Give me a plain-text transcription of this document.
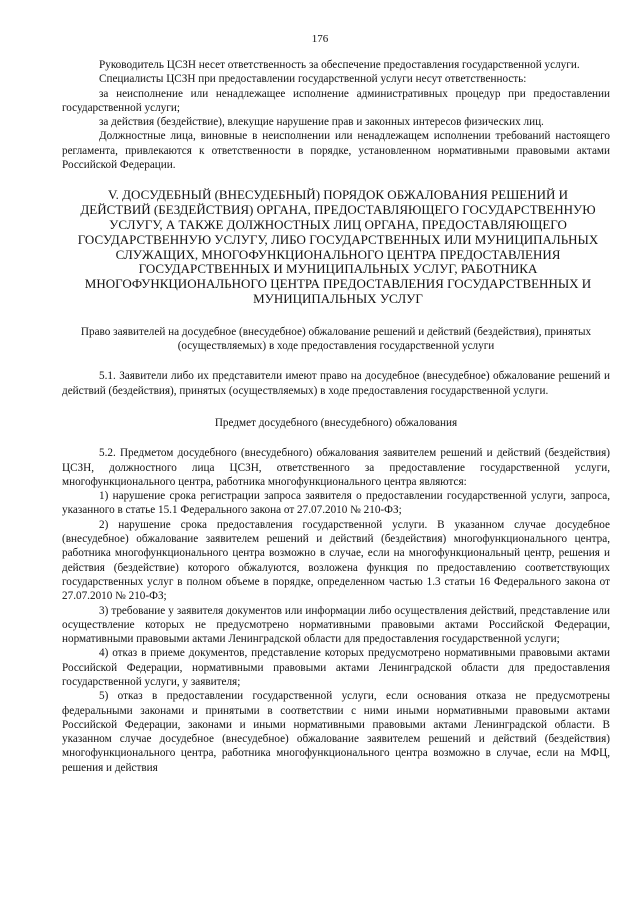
176

Руководитель ЦСЗН несет ответственность за обеспечение предоставления государственной услуги.

Специалисты ЦСЗН при предоставлении государственной услуги несут ответственность:

за неисполнение или ненадлежащее исполнение административных процедур при предоставлении государственной услуги;

за действия (бездействие), влекущие нарушение прав и законных интересов физических лиц.

Должностные лица, виновные в неисполнении или ненадлежащем исполнении требований настоящего регламента, привлекаются к ответственности в порядке, установленном нормативными правовыми актами Российской Федерации.

V. ДОСУДЕБНЫЙ (ВНЕСУДЕБНЫЙ) ПОРЯДОК ОБЖАЛОВАНИЯ РЕШЕНИЙ И ДЕЙСТВИЙ (БЕЗДЕЙСТВИЯ) ОРГАНА, ПРЕДОСТАВЛЯЮЩЕГО ГОСУДАРСТВЕННУЮ УСЛУГУ, А ТАКЖЕ ДОЛЖНОСТНЫХ ЛИЦ ОРГАНА, ПРЕДОСТАВЛЯЮЩЕГО ГОСУДАРСТВЕННУЮ УСЛУГУ, ЛИБО ГОСУДАРСТВЕННЫХ ИЛИ МУНИЦИПАЛЬНЫХ СЛУЖАЩИХ, МНОГОФУНКЦИОНАЛЬНОГО ЦЕНТРА ПРЕДОСТАВЛЕНИЯ ГОСУДАРСТВЕННЫХ И МУНИЦИПАЛЬНЫХ УСЛУГ, РАБОТНИКА МНОГОФУНКЦИОНАЛЬНОГО ЦЕНТРА ПРЕДОСТАВЛЕНИЯ ГОСУДАРСТВЕННЫХ И МУНИЦИПАЛЬНЫХ УСЛУГ

Право заявителей на досудебное (внесудебное) обжалование решений и действий (бездействия), принятых (осуществляемых) в ходе предоставления государственной услуги

5.1. Заявители либо их представители имеют право на досудебное (внесудебное) обжалование решений и действий (бездействия), принятых (осуществляемых) в ходе предоставления государственной услуги.

Предмет досудебного (внесудебного) обжалования

5.2. Предметом досудебного (внесудебного) обжалования заявителем решений и действий (бездействия) ЦСЗН, должностного лица ЦСЗН, ответственного за предоставление государственной услуги, многофункционального центра, работника многофункционального центра являются:

1) нарушение срока регистрации запроса заявителя о предоставлении государственной услуги, запроса, указанного в статье 15.1 Федерального закона от 27.07.2010 № 210-ФЗ;

2) нарушение срока предоставления государственной услуги. В указанном случае досудебное (внесудебное) обжалование заявителем решений и действий (бездействия) многофункционального центра, работника многофункционального центра возможно в случае, если на многофункциональный центр, решения и действия (бездействие) которого обжалуются, возложена функция по предоставлению соответствующих государственных услуг в полном объеме в порядке, определенном частью 1.3 статьи 16 Федерального закона от 27.07.2010 № 210-ФЗ;

3) требование у заявителя документов или информации либо осуществления действий, представление или осуществление которых не предусмотрено нормативными правовыми актами Российской Федерации, нормативными правовыми актами Ленинградской области для предоставления государственной услуги;

4) отказ в приеме документов, представление которых предусмотрено нормативными правовыми актами Российской Федерации, нормативными правовыми актами Ленинградской области для предоставления государственной услуги, у заявителя;

5) отказ в предоставлении государственной услуги, если основания отказа не предусмотрены федеральными законами и принятыми в соответствии с ними иными нормативными правовыми актами Российской Федерации, законами и иными нормативными правовыми актами Ленинградской области. В указанном случае досудебное (внесудебное) обжалование заявителем решений и действий (бездействия) многофункционального центра, работника многофункционального центра возможно в случае, если на МФЦ, решения и действия
